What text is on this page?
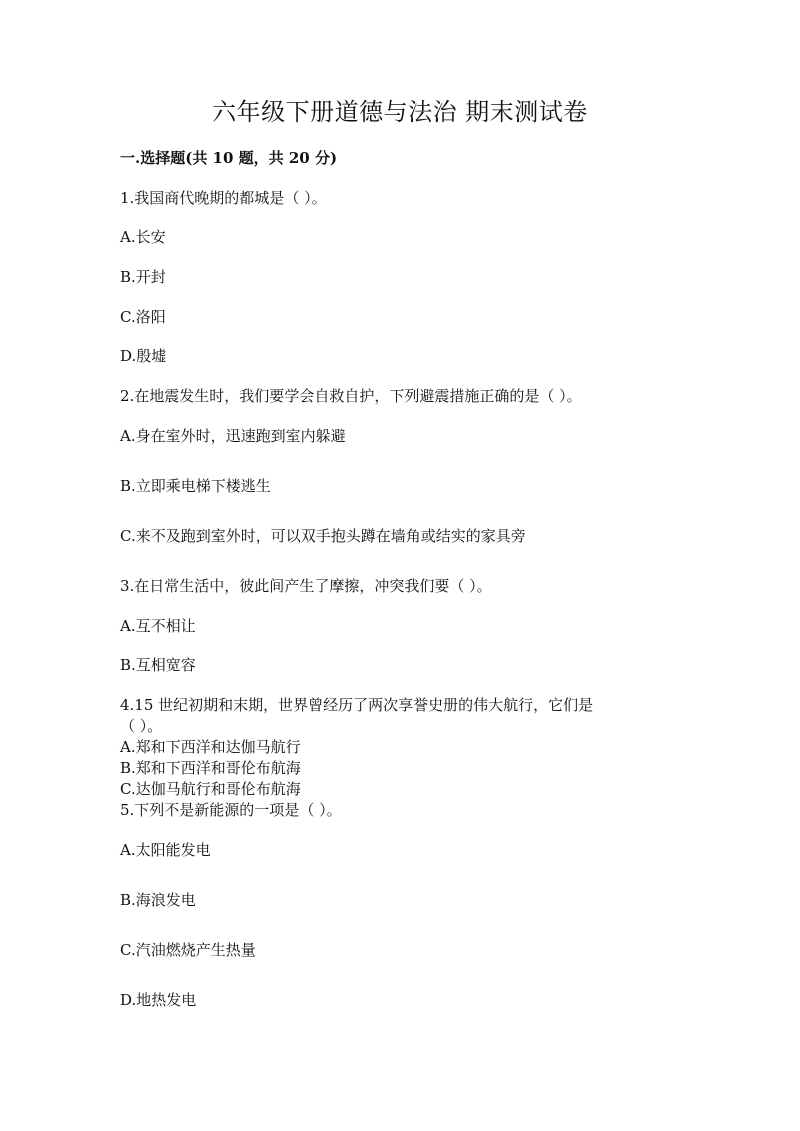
六年级下册道德与法治 期末测试卷
一.选择题(共 10 题，共 20 分)
1.我国商代晚期的都城是（ ）。
A.长安
B.开封
C.洛阳
D.殷墟
2.在地震发生时，我们要学会自救自护，下列避震措施正确的是（ ）。
A.身在室外时，迅速跑到室内躲避
B.立即乘电梯下楼逃生
C.来不及跑到室外时，可以双手抱头蹲在墙角或结实的家具旁
3.在日常生活中，彼此间产生了摩擦，冲突我们要（ ）。
A.互不相让
B.互相宽容
4.15 世纪初期和末期，世界曾经历了两次享誉史册的伟大航行，它们是
（ ）。
A.郑和下西洋和达伽马航行
B.郑和下西洋和哥伦布航海
C.达伽马航行和哥伦布航海
5.下列不是新能源的一项是（ ）。
A.太阳能发电
B.海浪发电
C.汽油燃烧产生热量
D.地热发电
